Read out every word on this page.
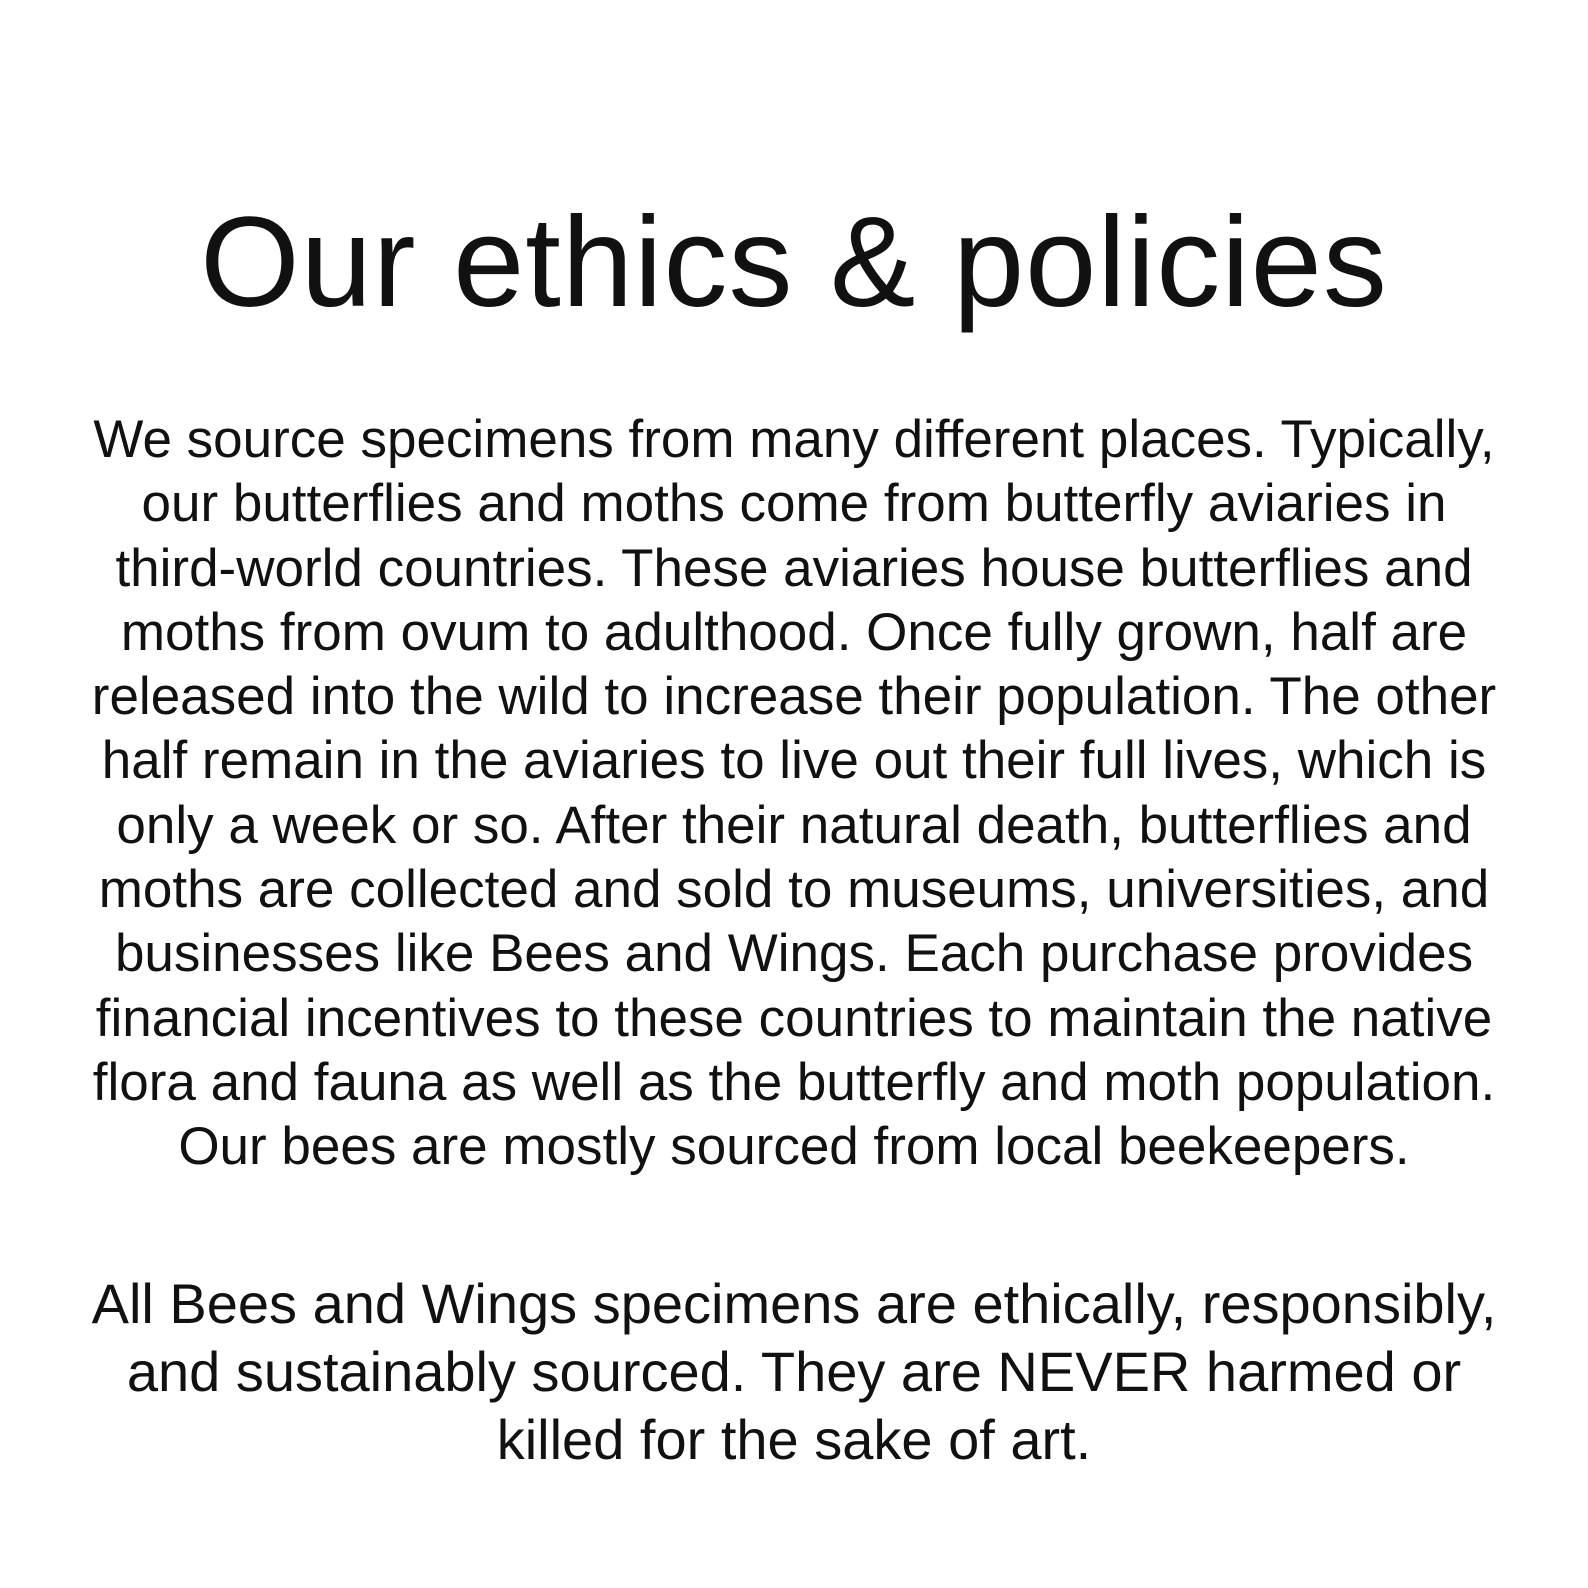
Our ethics & policies

We source specimens from many different places. Typically,
our butterflies and moths come from butterfly aviaries in
third-world countries. These aviaries house butterflies and
moths from ovum to adulthood. Once fully grown, half are
released into the wild to increase their population. The other
half remain in the aviaries to live out their full lives, which is
only a week or so. After their natural death, butterflies and
moths are collected and sold to museums, universities, and
businesses like Bees and Wings. Each purchase provides
financial incentives to these countries to maintain the native
flora and fauna as well as the butterfly and moth population.
Our bees are mostly sourced from local beekeepers.

All Bees and Wings specimens are ethically, responsibly,
and sustainably sourced. They are NEVER harmed or
killed for the sake of art.
